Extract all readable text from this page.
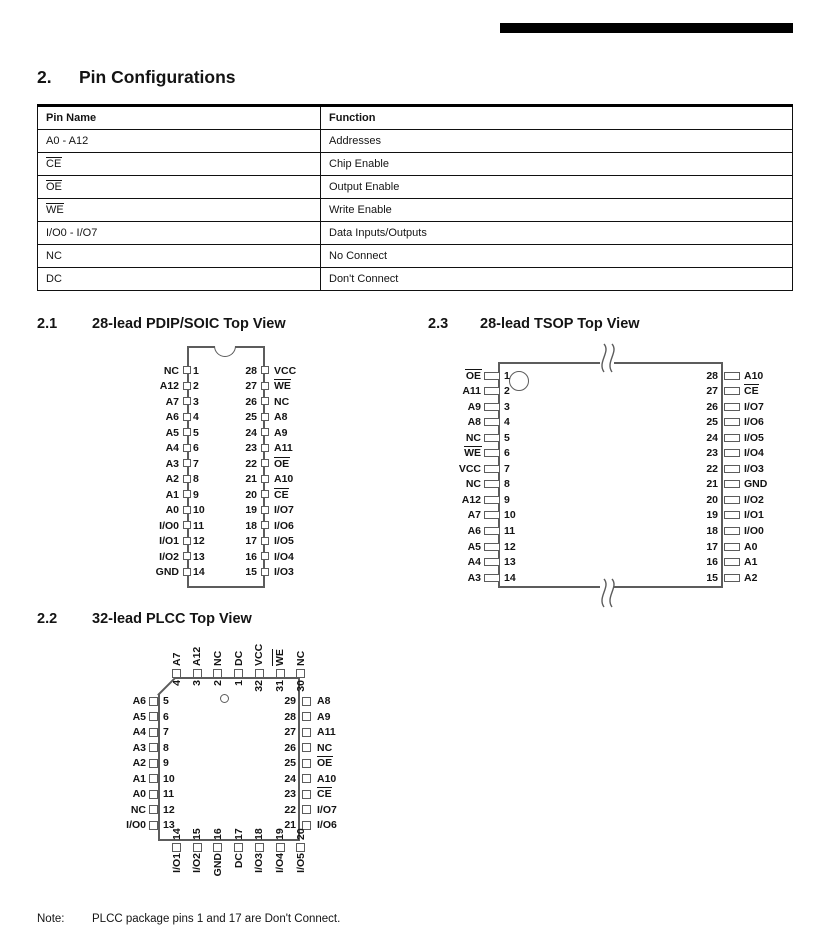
2. Pin Configurations
Pin Name	Function
A0 - A12	Addresses
CE	Chip Enable
OE	Output Enable
WE	Write Enable
I/O0 - I/O7	Data Inputs/Outputs
NC	No Connect
DC	Don't Connect
2.1 28-lead PDIP/SOIC Top View	2.3 28-lead TSOP Top View
2.2 32-lead PLCC Top View
NC 1
A12 2
A7 3
A6 4
A5 5
A4 6
A3 7
A2 8
A1 9
A0 10
I/O0 11
I/O1 12
I/O2 13
GND 14
28 VCC
27 WE
26 NC
25 A8
24 A9
23 A11
22 OE
21 A10
20 CE
19 I/O7
18 I/O6
17 I/O5
16 I/O4
15 I/O3
OE 1
A11 2
A9 3
A8 4
NC 5
WE 6
VCC 7
NC 8
A12 9
A7 10
A6 11
A5 12
A4 13
A3 14
28 A10
27 CE
26 I/O7
25 I/O6
24 I/O5
23 I/O4
22 I/O3
21 GND
20 I/O2
19 I/O1
18 I/O0
17 A0
16 A1
15 A2
A7
4
A12
3
NC
2
DC
1
VCC
32
WE
31
NC
30
A6 5
A5 6
A4 7
A3 8
A2 9
A1 10
A0 11
NC 12
I/O0 13
29 A8
28 A9
27 A11
26 NC
25 OE
24 A10
23 CE
22 I/O7
21 I/O6
14
I/O1
15
I/O2
16
GND
17
DC
18
I/O3
19
I/O4
20
I/O5
Note: PLCC package pins 1 and 17 are Don't Connect.
